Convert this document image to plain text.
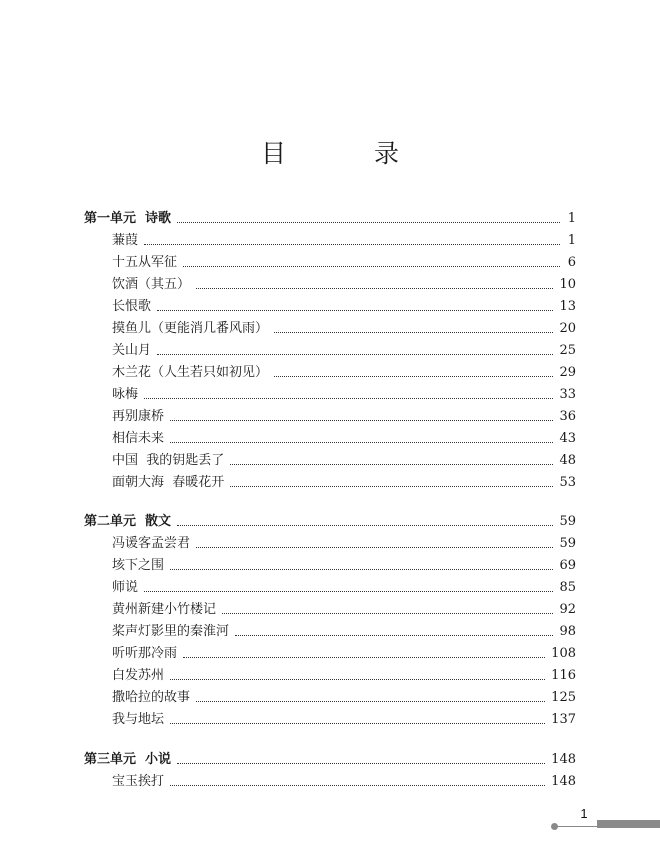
目 录
第一单元  诗歌	1
蒹葭	1
十五从军征	6
饮酒（其五）	10
长恨歌	13
摸鱼儿（更能消几番风雨）	20
关山月	25
木兰花（人生若只如初见）	29
咏梅	33
再别康桥	36
相信未来	43
中国  我的钥匙丢了	48
面朝大海  春暖花开	53
第二单元  散文	59
冯谖客孟尝君	59
垓下之围	69
师说	85
黄州新建小竹楼记	92
桨声灯影里的秦淮河	98
听听那冷雨	108
白发苏州	116
撒哈拉的故事	125
我与地坛	137
第三单元  小说	148
宝玉挨打	148
1
